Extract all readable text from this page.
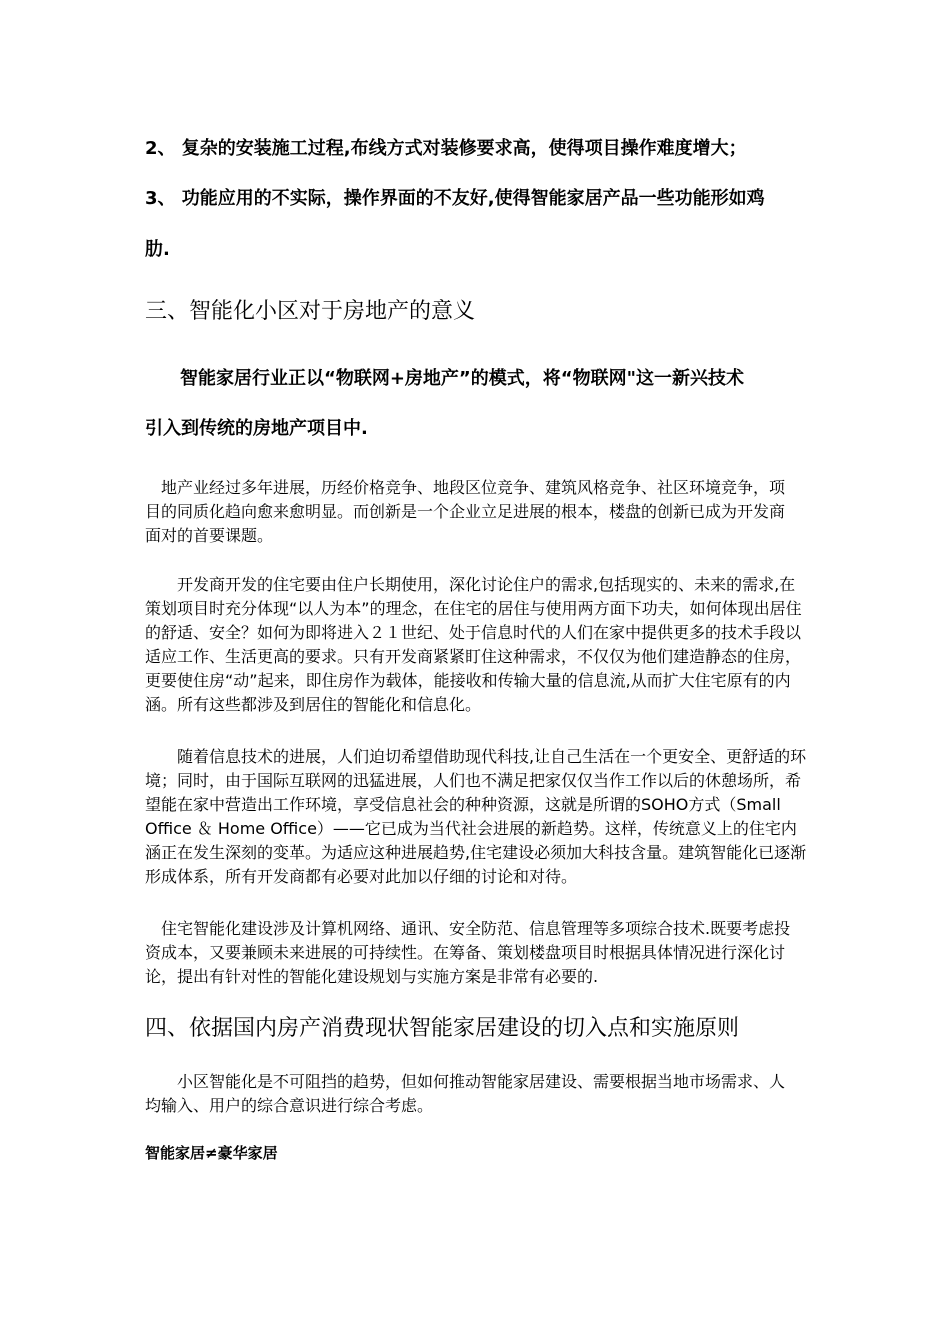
2、 复杂的安装施工过程,布线方式对装修要求高，使得项目操作难度增大；

3、 功能应用的不实际，操作界面的不友好,使得智能家居产品一些功能形如鸡

肋.

三、智能化小区对于房地产的意义

智能家居行业正以“物联网+房地产”的模式，将“物联网"这一新兴技术

引入到传统的房地产项目中.

　地产业经过多年进展，历经价格竞争、地段区位竞争、建筑风格竞争、社区环境竞争，项目的同质化趋向愈来愈明显。而创新是一个企业立足进展的根本，楼盘的创新已成为开发商面对的首要课题。

　　开发商开发的住宅要由住户长期使用，深化讨论住户的需求,包括现实的、未来的需求,在策划项目时充分体现“以人为本”的理念，在住宅的居住与使用两方面下功夫，如何体现出居住的舒适、安全？如何为即将进入２１世纪、处于信息时代的人们在家中提供更多的技术手段以适应工作、生活更高的要求。只有开发商紧紧盯住这种需求，不仅仅为他们建造静态的住房， 更要使住房“动”起来，即住房作为载体，能接收和传输大量的信息流,从而扩大住宅原有的内涵。所有这些都涉及到居住的智能化和信息化。

　　随着信息技术的进展，人们迫切希望借助现代科技,让自己生活在一个更安全、更舒适的环境；同时，由于国际互联网的迅猛进展，人们也不满足把家仅仅当作工作以后的休憩场所，希望能在家中营造出工作环境，享受信息社会的种种资源，这就是所谓的SOHO方式（Small Office ＆ Home Office）——它已成为当代社会进展的新趋势。这样，传统意义上的住宅内涵正在发生深刻的变革。为适应这种进展趋势,住宅建设必须加大科技含量。建筑智能化已逐渐形成体系，所有开发商都有必要对此加以仔细的讨论和对待。

　住宅智能化建设涉及计算机网络、通讯、安全防范、信息管理等多项综合技术.既要考虑投资成本，又要兼顾未来进展的可持续性。在筹备、策划楼盘项目时根据具体情况进行深化讨论，提出有针对性的智能化建设规划与实施方案是非常有必要的.

四、依据国内房产消费现状智能家居建设的切入点和实施原则

　　小区智能化是不可阻挡的趋势，但如何推动智能家居建设、需要根据当地市场需求、人均输入、用户的综合意识进行综合考虑。

智能家居≠豪华家居
